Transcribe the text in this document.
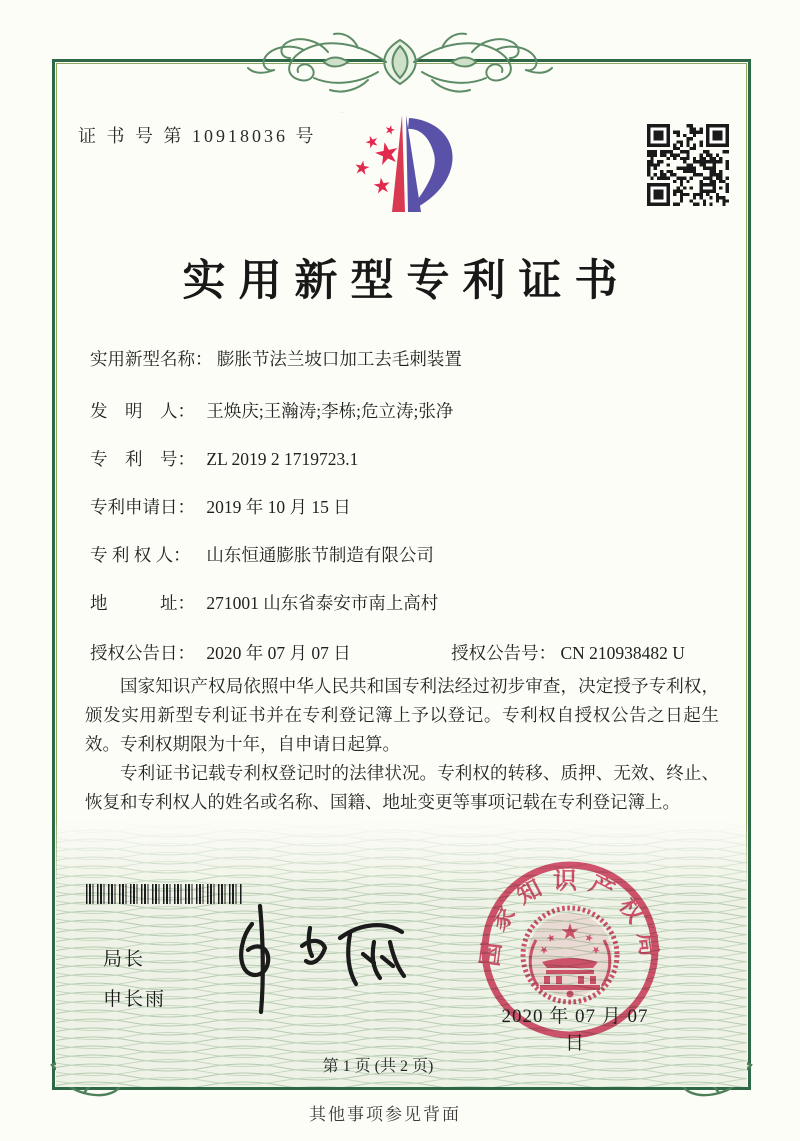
证 书 号 第 10918036 号
实用新型专利证书
实用新型名称： 膨胀节法兰坡口加工去毛刺装置
发　明　人： 王焕庆;王瀚涛;李栋;危立涛;张净
专　利　号： ZL 2019 2 1719723.1
专利申请日： 2019 年 10 月 15 日
专 利 权 人： 山东恒通膨胀节制造有限公司
地　　　址： 271001 山东省泰安市南上高村
授权公告日： 2020 年 07 月 07 日	授权公告号： CN 210938482 U

国家知识产权局依照中华人民共和国专利法经过初步审查，决定授予专利权，颁发实用新型专利证书并在专利登记簿上予以登记。专利权自授权公告之日起生效。专利权期限为十年，自申请日起算。

专利证书记载专利权登记时的法律状况。专利权的转移、质押、无效、终止、恢复和专利权人的姓名或名称、国籍、地址变更等事项记载在专利登记簿上。

局长
申长雨
国家知识产权局
2020 年 07 月 07 日
第 1 页 (共 2 页)
其他事项参见背面
